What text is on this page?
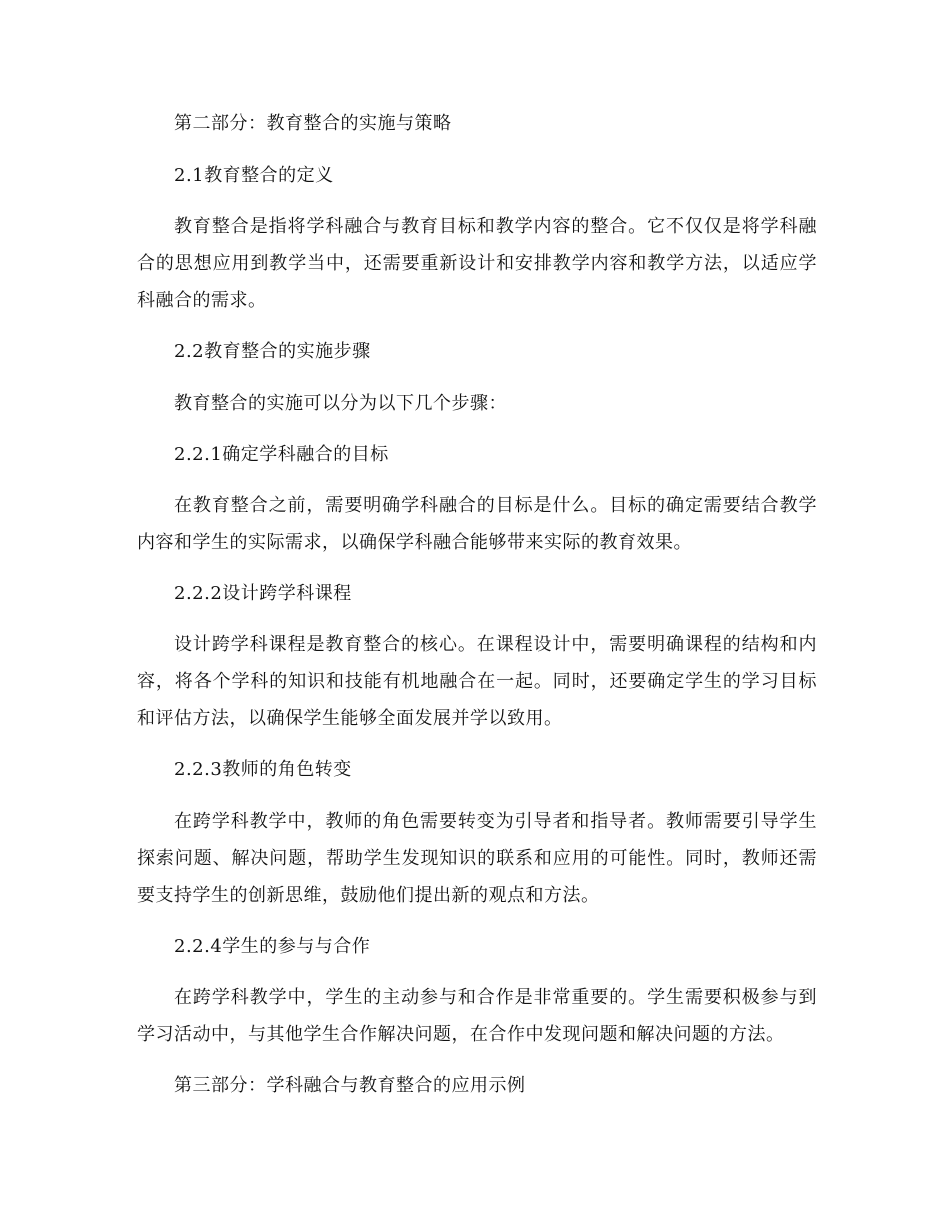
第二部分：教育整合的实施与策略

2.1教育整合的定义

教育整合是指将学科融合与教育目标和教学内容的整合。它不仅仅是将学科融合的思想应用到教学当中，还需要重新设计和安排教学内容和教学方法，以适应学科融合的需求。

2.2教育整合的实施步骤

教育整合的实施可以分为以下几个步骤：

2.2.1确定学科融合的目标

在教育整合之前，需要明确学科融合的目标是什么。目标的确定需要结合教学内容和学生的实际需求，以确保学科融合能够带来实际的教育效果。

2.2.2设计跨学科课程

设计跨学科课程是教育整合的核心。在课程设计中，需要明确课程的结构和内容，将各个学科的知识和技能有机地融合在一起。同时，还要确定学生的学习目标和评估方法，以确保学生能够全面发展并学以致用。

2.2.3教师的角色转变

在跨学科教学中，教师的角色需要转变为引导者和指导者。教师需要引导学生探索问题、解决问题，帮助学生发现知识的联系和应用的可能性。同时，教师还需要支持学生的创新思维，鼓励他们提出新的观点和方法。

2.2.4学生的参与与合作

在跨学科教学中，学生的主动参与和合作是非常重要的。学生需要积极参与到学习活动中，与其他学生合作解决问题，在合作中发现问题和解决问题的方法。

第三部分：学科融合与教育整合的应用示例
